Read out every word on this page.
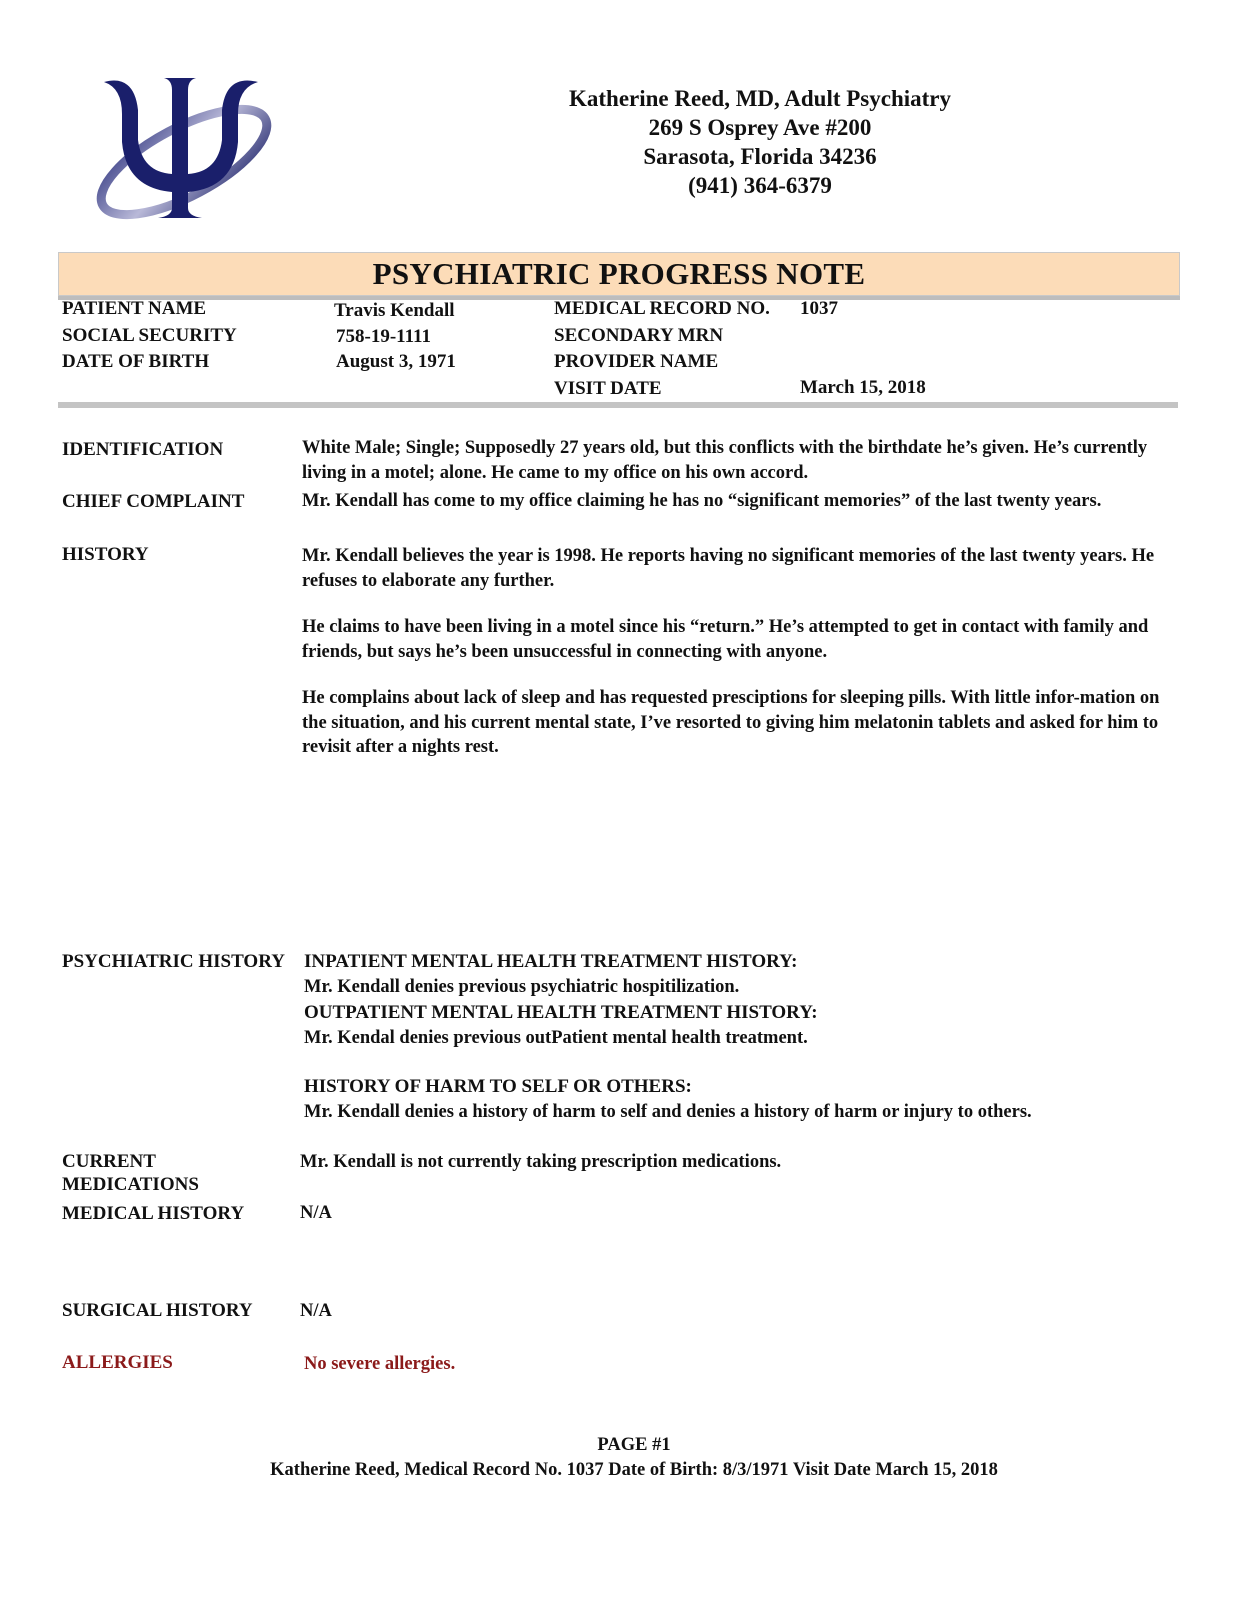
Katherine Reed, MD, Adult Psychiatry
269 S Osprey Ave #200
Sarasota, Florida 34236
(941) 364-6379
PSYCHIATRIC PROGRESS NOTE
PATIENT NAME	Travis Kendall
SOCIAL SECURITY	758-19-1111
DATE OF BIRTH	August 3, 1971
MEDICAL RECORD NO. 1037
SECONDARY MRN
PROVIDER NAME
VISIT DATE	March 15, 2018
IDENTIFICATION	White Male; Single; Supposedly 27 years old, but this conflicts with the birthdate he’s given. He’s currently living in a motel; alone. He came to my office on his own accord.
CHIEF COMPLAINT	Mr. Kendall has come to my office claiming he has no “significant memories” of the last twenty years.
HISTORY	Mr. Kendall believes the year is 1998. He reports having no significant memories of the last twenty years. He refuses to elaborate any further.
He claims to have been living in a motel since his “return.” He’s attempted to get in contact with family and friends, but says he’s been unsuccessful in connecting with anyone.
He complains about lack of sleep and has requested presciptions for sleeping pills. With little infor-mation on the situation, and his current mental state, I’ve resorted to giving him melatonin tablets and asked for him to revisit after a nights rest.
PSYCHIATRIC HISTORY	INPATIENT MENTAL HEALTH TREATMENT HISTORY:
Mr. Kendall denies previous psychiatric hospitilization.
OUTPATIENT MENTAL HEALTH TREATMENT HISTORY:
Mr. Kendal denies previous outPatient mental health treatment.
HISTORY OF HARM TO SELF OR OTHERS:
Mr. Kendall denies a history of harm to self and denies a history of harm or injury to others.
CURRENT
MEDICATIONS
Mr. Kendall is not currently taking prescription medications.
MEDICAL HISTORY	N/A
SURGICAL HISTORY	N/A
ALLERGIES	No severe allergies.
PAGE #1
Katherine Reed, Medical Record No. 1037 Date of Birth: 8/3/1971 Visit Date March 15, 2018
